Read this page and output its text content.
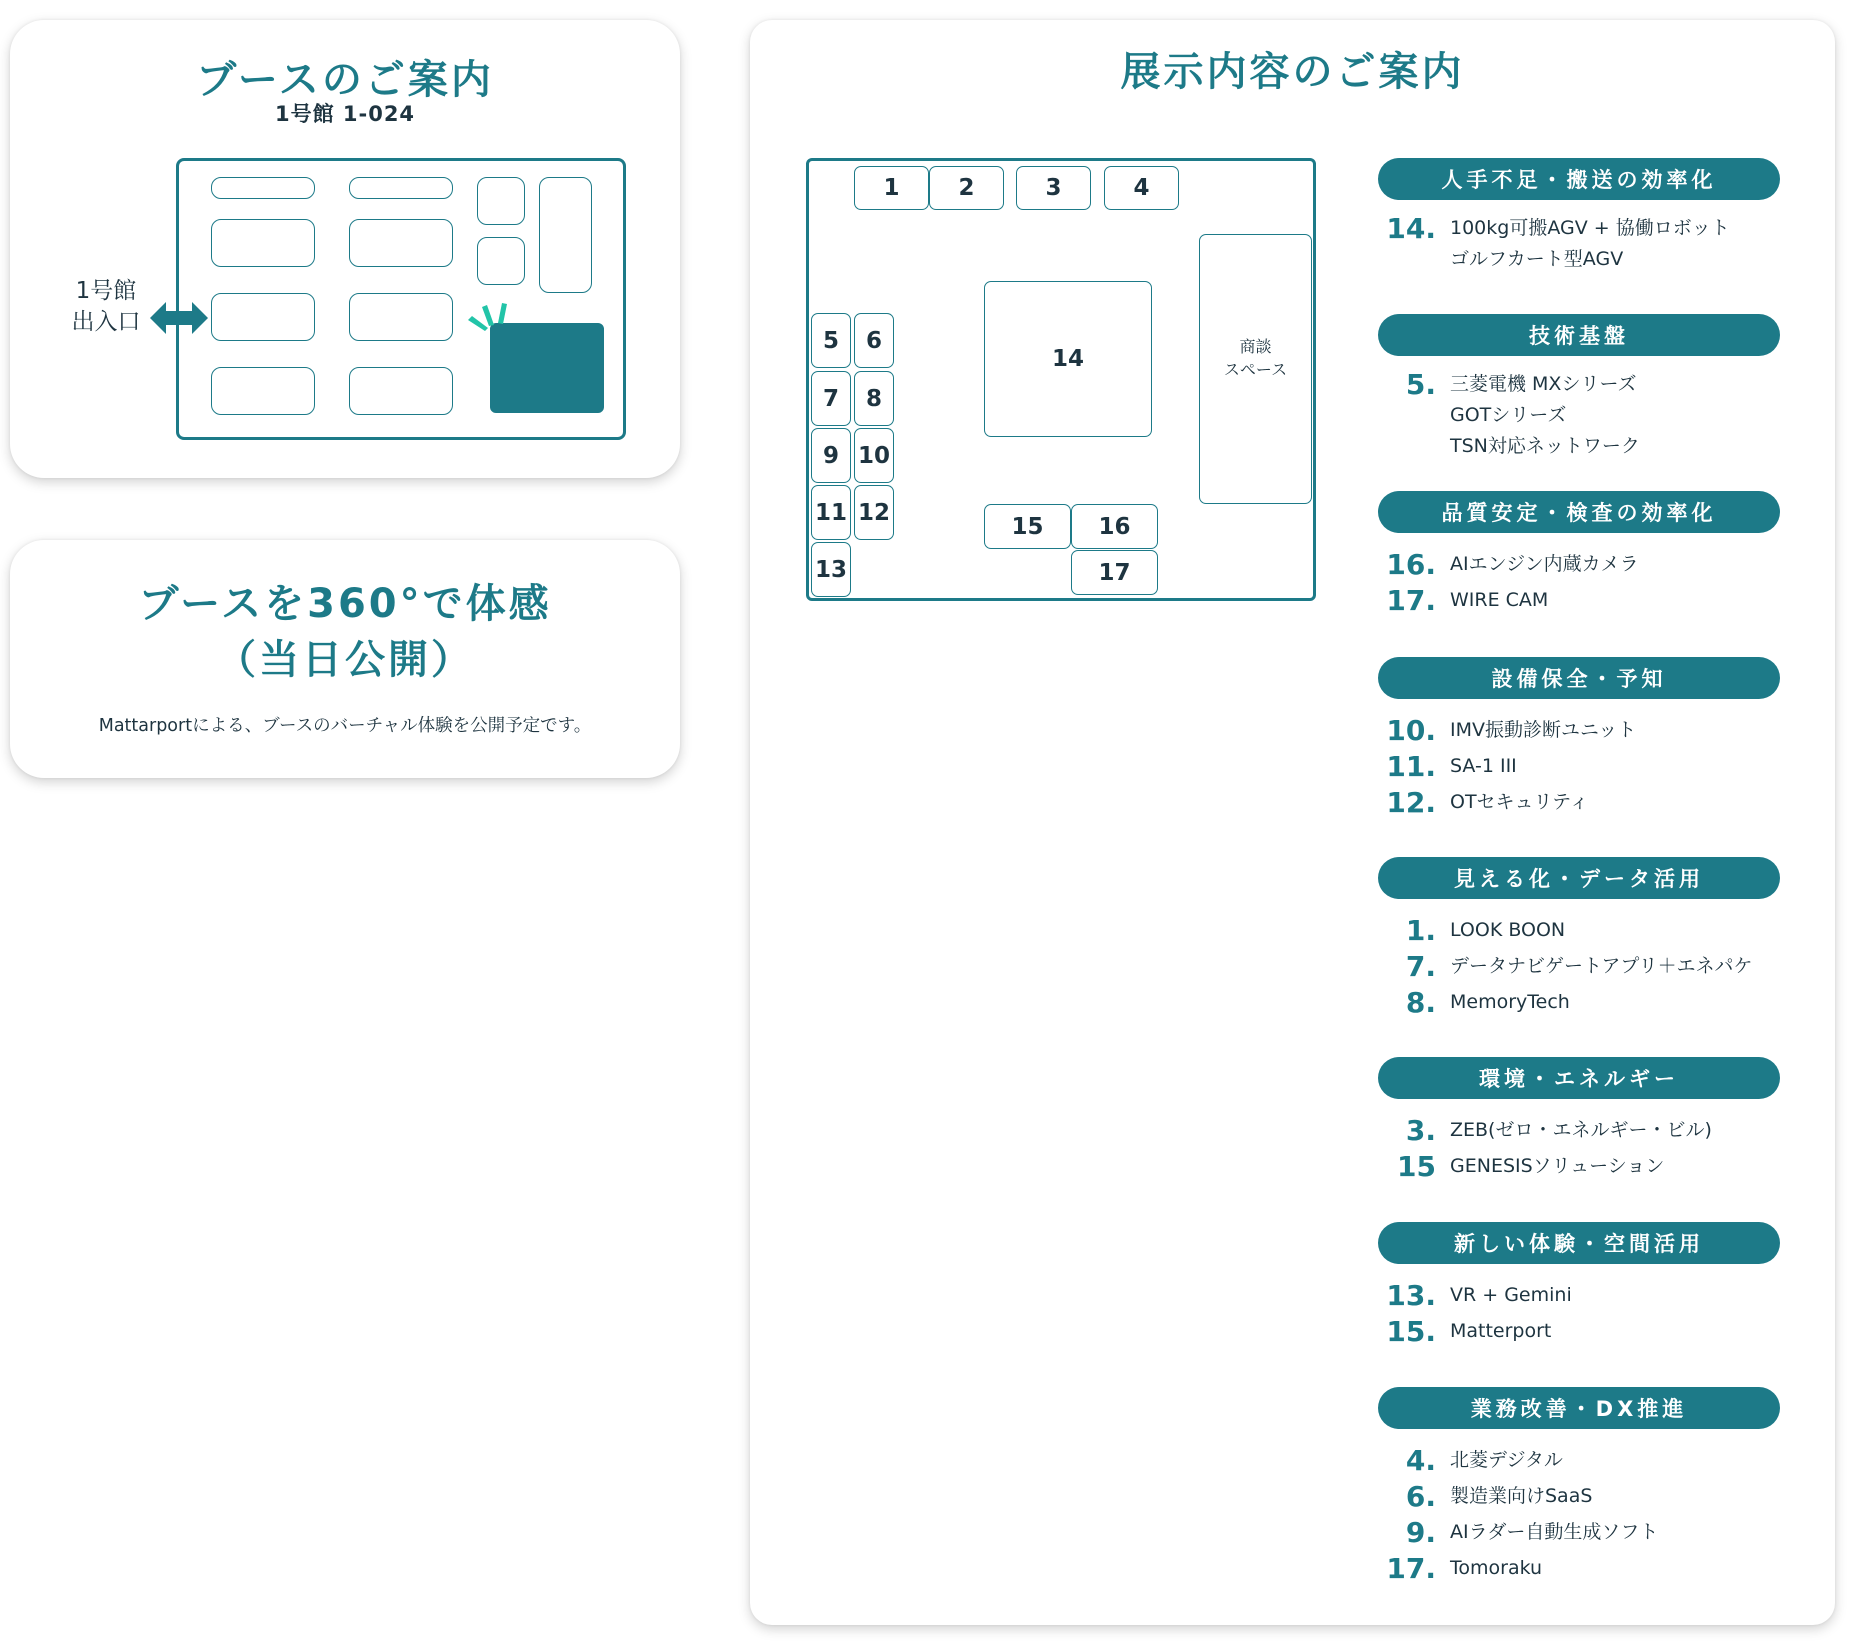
ブースのご案内
1号館 1-024
1号館
出入口
ブースを360°で体感
（当日公開）
Mattarportによる、ブースのバーチャル体験を公開予定です。
展示内容のご案内
1	2	3	4
5	6
7	8
9 10
11 12
13
14
15	16
17
商談
スペース
人手不足・搬送の効率化
14. 100kg可搬AGV + 協働ロボット
ゴルフカート型AGV
技術基盤
5. 三菱電機 MXシリーズ
GOTシリーズ
TSN対応ネットワーク
品質安定・検査の効率化
16. AIエンジン内蔵カメラ
17. WIRE CAM
設備保全・予知
10. IMV振動診断ユニット
11. SA-1 III
12. OTセキュリティ
見える化・データ活用
1. LOOK BOON
7. データナビゲートアプリ＋エネパケ
8. MemoryTech
環境・エネルギー
3. ZEB(ゼロ・エネルギー・ビル)
15 GENESISソリューション
新しい体験・空間活用
13. VR + Gemini
15. Matterport
業務改善・DX推進
4. 北菱デジタル
6. 製造業向けSaaS
9. AIラダー自動生成ソフト
17. Tomoraku
